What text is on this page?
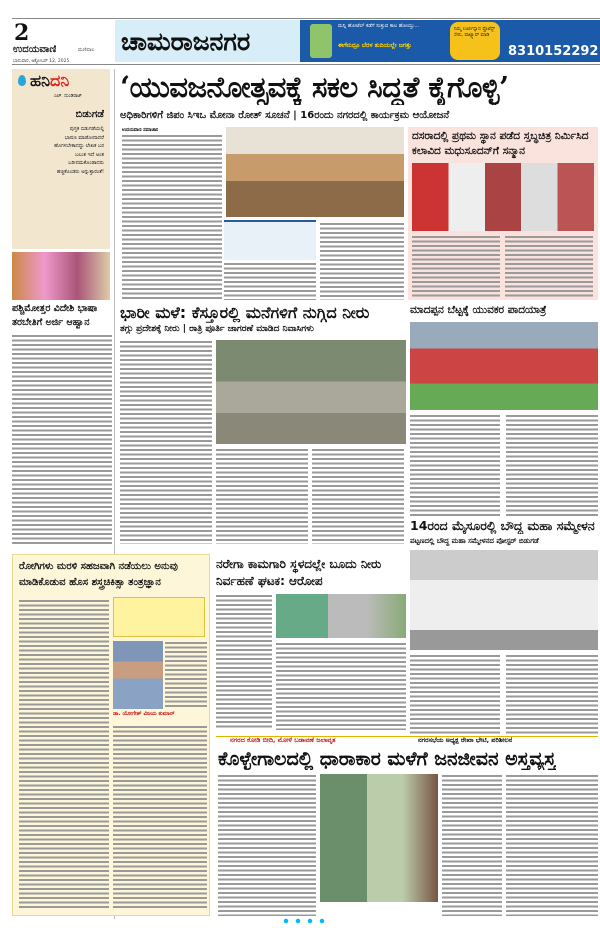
2
ಉದಯವಾಣಿ	ಮಣಿಪಾಲ
ಭಾನುವಾರ, ಅಕ್ಟೋಬರ್ 12, 2025
ಚಾಮರಾಜನಗರ
ಮನ್ನಿ ಹೋಟೆಲ್ ಕಡೆಗೆ ಸುತ್ತುವ ಕಾಲ ಹೋಯ್ತು...
ಈಗೇನಿದ್ರೂ ಬೆರಳ ತುದಿಯಲ್ಲೇ ಜಗತ್ತು
ನಿಮ್ಮ ಊರ್ಲಿನ್ನಾದ ಪ್ರೊಟೆಸ್ಟ್ ಸೇರು, ವಾಟ್ಸ್ಯಾಪ್ ಮಾಡಿ
8310152292
ಹನಿದನಿ
ಎಚ್. ದುಂಡಿರಾಜ್
ಬಿಡುಗಡೆ
ಪುಸ್ತಕ ಬಿಡುಗಡೆಯಲ್ಲಿ
ಭಾಷಣ ಮಾಡೋದಾದರೆ
ಹೊಗಳಬೇಕಾದದ್ದು ಲೇಖಕ ಬರ
ಬಲುತ ಇದೆ ಅಂತ
ಬರೀದಮಕೊಂಡಾದರು
ಹಚ್ಚಿಕೊಂಡರು ಅನ್ನುತ್ತಾರಂತೆ!
‘ಯುವಜನೋತ್ಸವಕ್ಕೆ ಸಕಲ ಸಿದ್ಧತೆ ಕೈಗೊಳ್ಳಿ’
ಅಧಿಕಾರಿಗಳಿಗೆ ಜಿಪಂ ಸಿಇಒ ಮೋನಾ ರೋತ್ ಸೂಚನೆ | 16ರಂದು ನಗರದಲ್ಲಿ ಕಾರ್ಯಕ್ರಮ ಆಯೋಜನೆ
ಉದಯವಾಣಿ ಸಮಾಚಾರ	ದಸರಾದಲ್ಲಿ ಪ್ರಥಮ ಸ್ಥಾನ ಪಡೆದ ಸ್ತಬ್ಧಚಿತ್ರ ನಿರ್ಮಿಸಿದ ಕಲಾವಿದ ಮಧುಸೂದನ್‌ಗೆ ಸನ್ಮಾನ
ಪಶ್ಚಿಮೋತ್ತರ ವಿದೇಶಿ ಭಾಷಾ ತರಬೇತಿಗೆ ಅರ್ಜಿ ಆಹ್ವಾನ
ಭಾರೀ ಮಳೆ: ಕೆಸ್ತೂರಲ್ಲಿ ಮನೆಗಳಿಗೆ ನುಗ್ಗಿದ ನೀರು
ತಗ್ಗು ಪ್ರದೇಶಕ್ಕೆ ನೀರು | ರಾತ್ರಿ ಪೂರ್ತಿ ಜಾಗರಣೆ ಮಾಡಿದ ನಿವಾಸಿಗಳು
ಮಾದಪ್ಪನ ಬೆಟ್ಟಕ್ಕೆ ಯುವಕರ ಪಾದಯಾತ್ರೆ
14ರಂದ ಮೈಸೂರಲ್ಲಿ ಬೌದ್ಧ ಮಹಾ ಸಮ್ಮೇಳನ
ಪಟ್ಟಣದಲ್ಲಿ ಬೌದ್ಧ ಮಹಾ ಸಮ್ಮೇಳನದ ಪೋಸ್ಟರ್ ಬಿಡುಗಡೆ
ರೋಗಿಗಳು ಮರಳಿ ಸಹಜವಾಗಿ ನಡೆಯಲು ಅನುವು ಮಾಡಿಕೊಡುವ ಹೊಸ ಶಸ್ತ್ರಚಿಕಿತ್ಸಾ ತಂತ್ರಜ್ಞಾನ
ಡಾ. ಯೋಗೇಶ್ ವಿಜಯ ಕುಮಾರ್
ನರೇಗಾ ಕಾಮಗಾರಿ ಸ್ಥಳದಲ್ಲೇ ಬೂದು ನೀರು ನಿರ್ವಹಣೆ ಘಟಕ: ಆರೋಪ
ನಗರದ ಕೋಡಿ ಬೀದಿ, ಮೋಳೆ ಬಡಾವಣೆ ಜಲಾವೃತ	ನಗರಸಭೆಯ ಅಧ್ಯಕ್ಷ ರೇಖಾ ಭೇಟಿ, ಪರಿಶೀಲನೆ
ಕೊಳ್ಳೇಗಾಲದಲ್ಲಿ ಧಾರಾಕಾರ ಮಳೆಗೆ ಜನಜೀವನ ಅಸ್ತವ್ಯಸ್ತ
